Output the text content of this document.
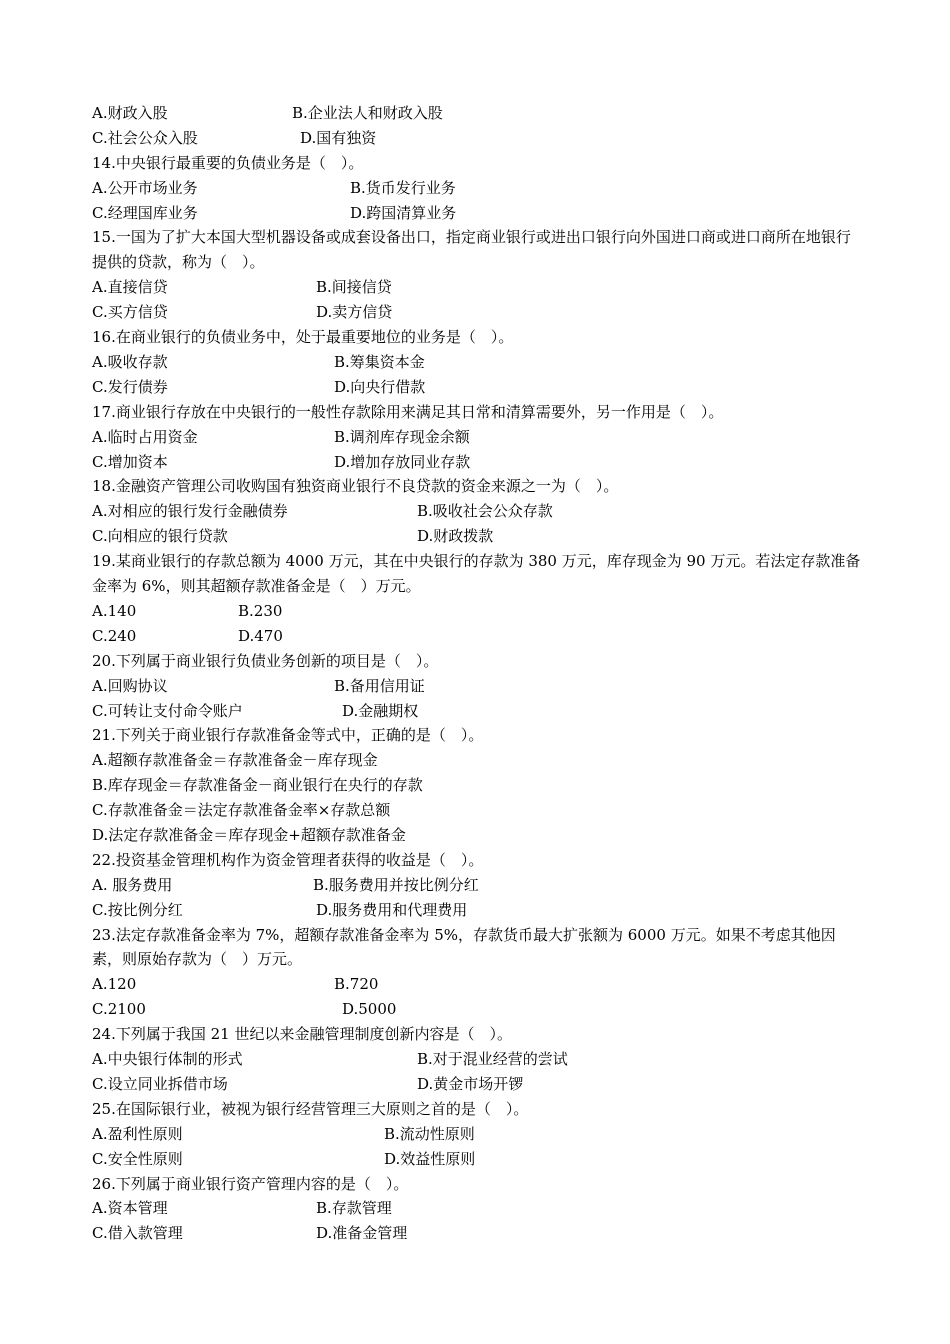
A.财政入股	B.企业法人和财政入股
C.社会公众入股	D.国有独资
14.中央银行最重要的负债业务是（　）。
A.公开市场业务	B.货币发行业务
C.经理国库业务	D.跨国清算业务
15.一国为了扩大本国大型机器设备或成套设备出口，指定商业银行或进出口银行向外国进口商或进口商所在地银行提供的贷款，称为（　）。
A.直接信贷	B.间接信贷
C.买方信贷	D.卖方信贷
16.在商业银行的负债业务中，处于最重要地位的业务是（　）。
A.吸收存款	B.筹集资本金
C.发行债券	D.向央行借款
17.商业银行存放在中央银行的一般性存款除用来满足其日常和清算需要外，另一作用是（　）。
A.临时占用资金	B.调剂库存现金余额
C.增加资本	D.增加存放同业存款
18.金融资产管理公司收购国有独资商业银行不良贷款的资金来源之一为（　）。
A.对相应的银行发行金融债券	B.吸收社会公众存款
C.向相应的银行贷款	D.财政拨款
19.某商业银行的存款总额为 4000 万元，其在中央银行的存款为 380 万元，库存现金为 90 万元。若法定存款准备金率为 6%，则其超额存款准备金是（　）万元。
A.140	B.230
C.240	D.470
20.下列属于商业银行负债业务创新的项目是（　）。
A.回购协议	B.备用信用证
C.可转让支付命令账户	D.金融期权
21.下列关于商业银行存款准备金等式中，正确的是（　）。
A.超额存款准备金＝存款准备金－库存现金
B.库存现金＝存款准备金－商业银行在央行的存款
C.存款准备金＝法定存款准备金率×存款总额
D.法定存款准备金＝库存现金+超额存款准备金
22.投资基金管理机构作为资金管理者获得的收益是（　）。
A. 服务费用	B.服务费用并按比例分红
C.按比例分红	D.服务费用和代理费用
23.法定存款准备金率为 7%，超额存款准备金率为 5%，存款货币最大扩张额为 6000 万元。如果不考虑其他因素，则原始存款为（　）万元。
A.120	B.720
C.2100	D.5000
24.下列属于我国 21 世纪以来金融管理制度创新内容是（　）。
A.中央银行体制的形式	B.对于混业经营的尝试
C.设立同业拆借市场	D.黄金市场开锣
25.在国际银行业，被视为银行经营管理三大原则之首的是（　）。
A.盈利性原则	B.流动性原则
C.安全性原则	D.效益性原则
26.下列属于商业银行资产管理内容的是（　）。
A.资本管理	B.存款管理
C.借入款管理	D.准备金管理
